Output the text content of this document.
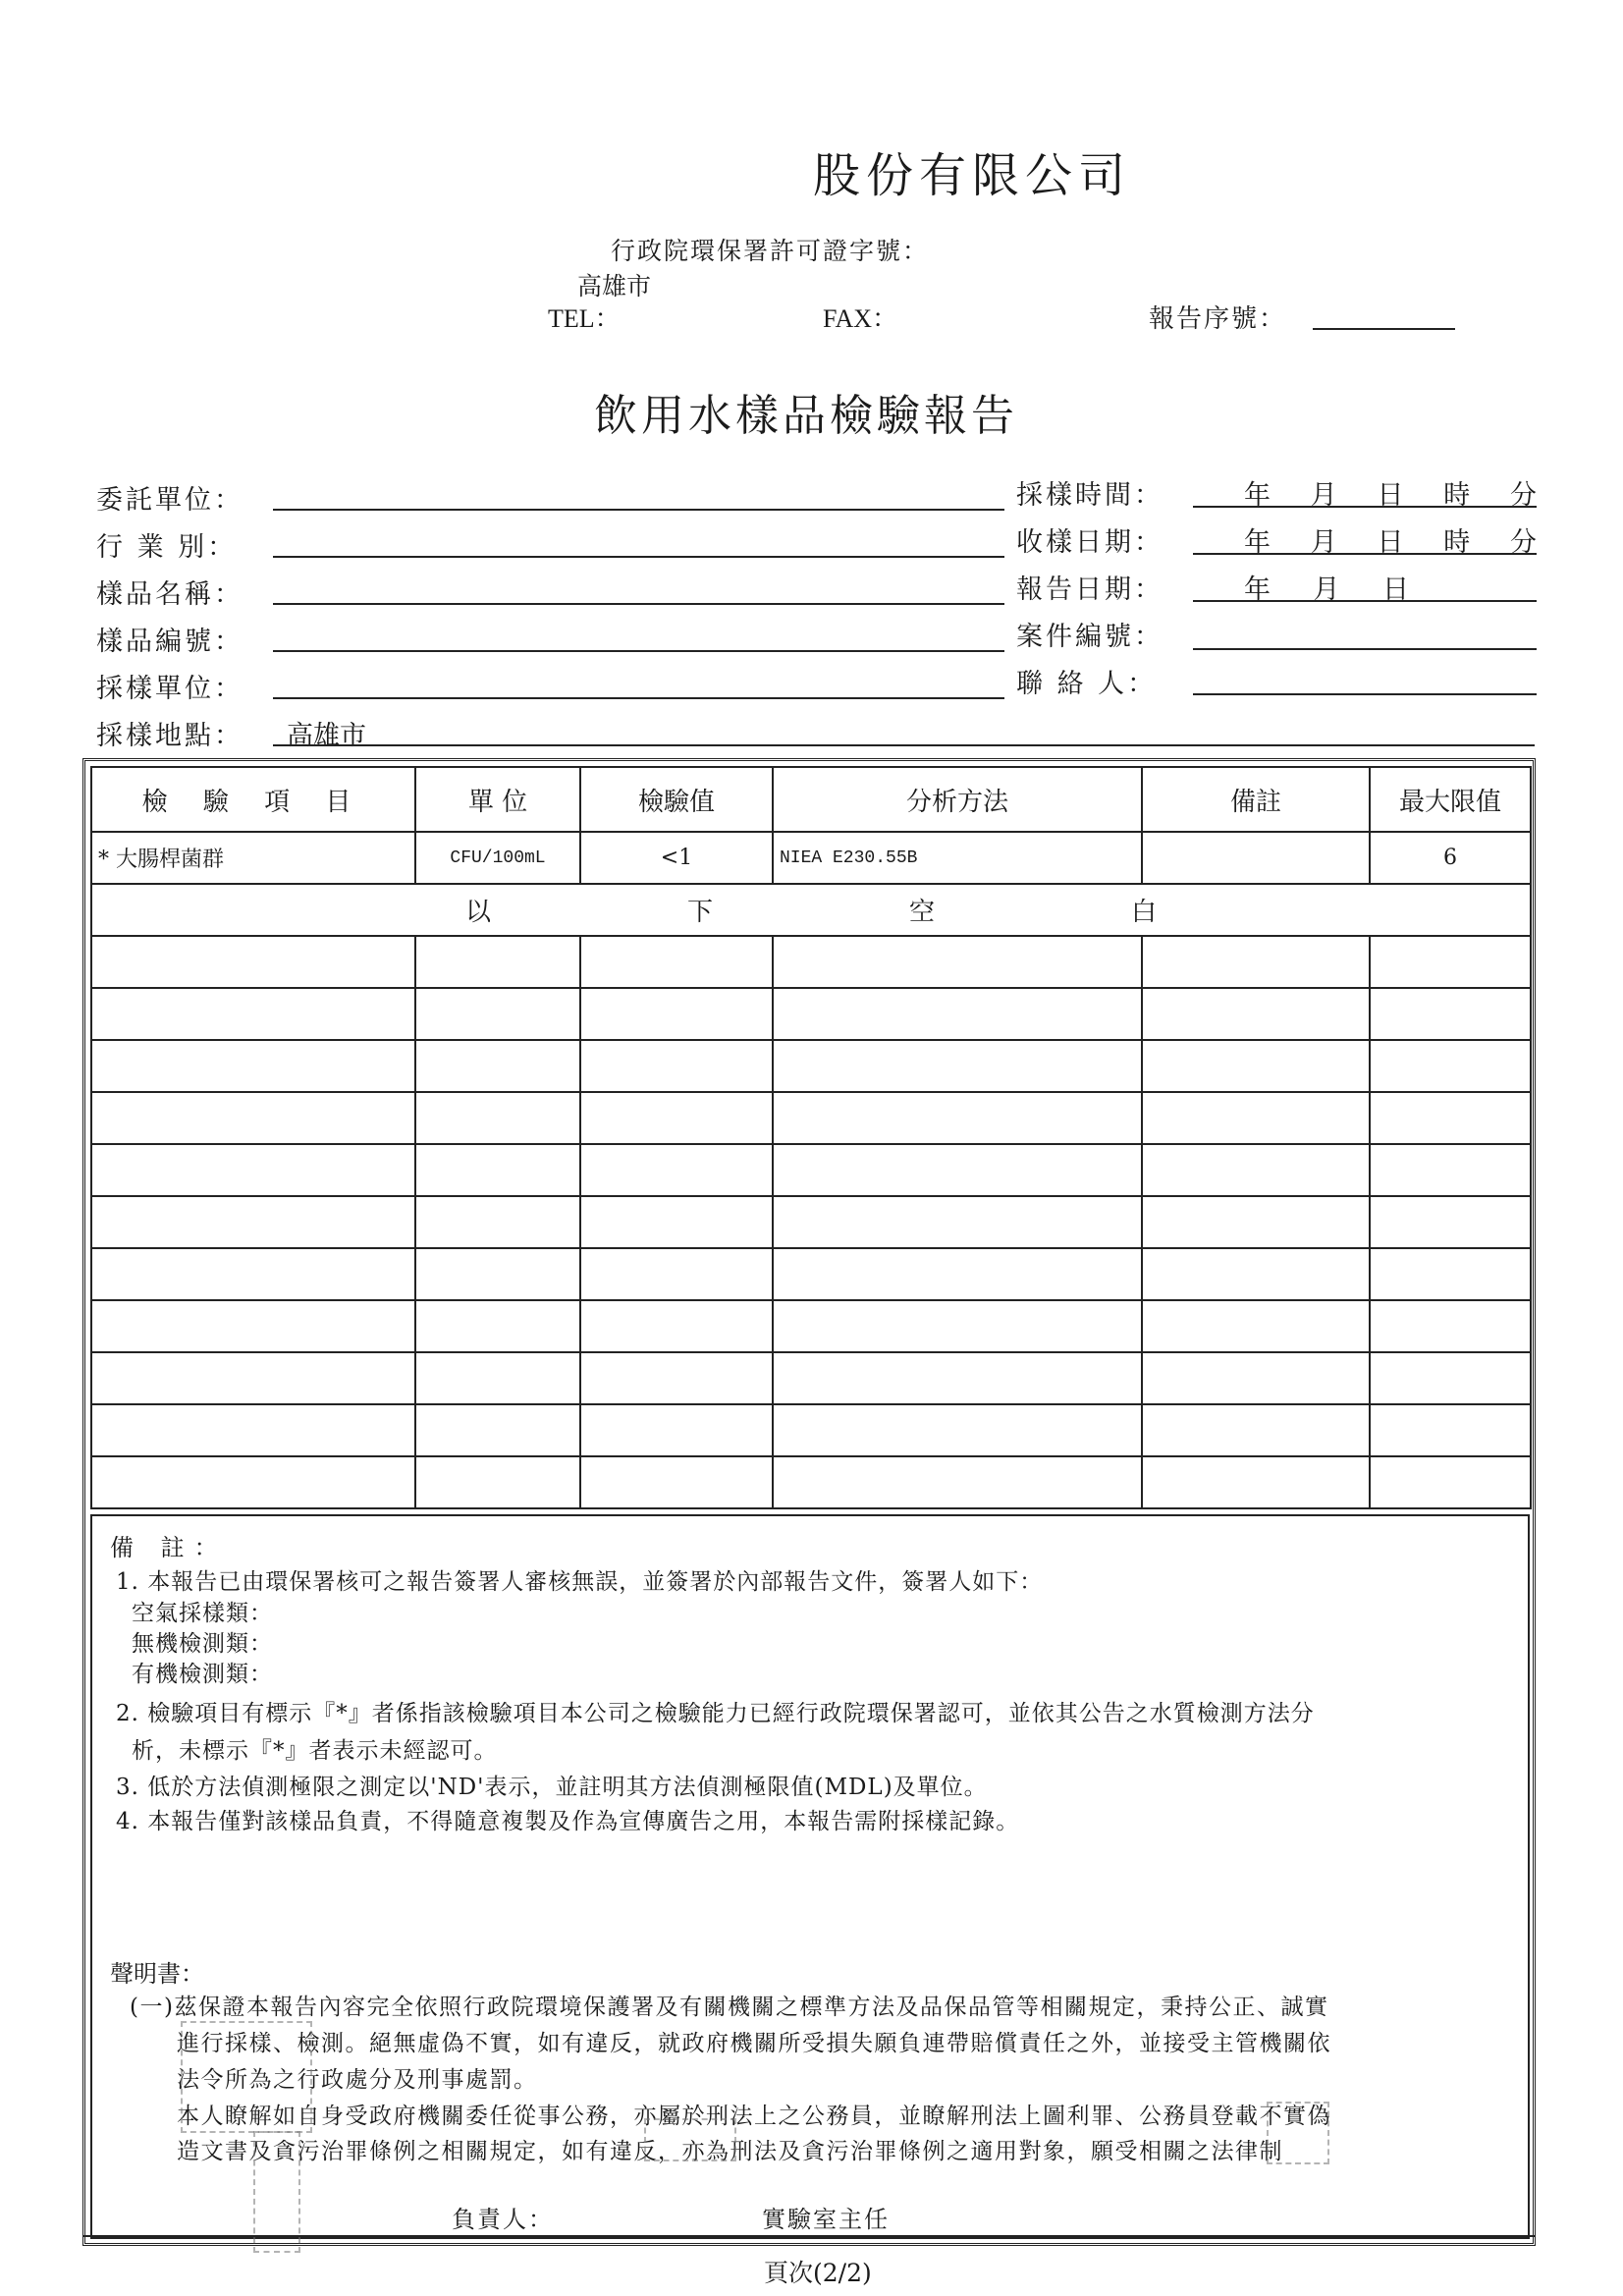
股份有限公司
行政院環保署許可證字號：
高雄市
TEL：	FAX：	報告序號：
飲用水樣品檢驗報告
委託單位：
行 業 別：
樣品名稱：
樣品編號：
採樣單位：
採樣地點： 高雄市
採樣時間：	年 月 日 時 分
收樣日期：	年 月 日 時 分
報告日期：	年 月 日
案件編號：
聯 絡 人：
檢 驗 項 目	單 位	檢驗值	分析方法	備註	最大限值
* 大腸桿菌群	CFU/100mL	<1	NIEA E230.55B		6

以 下 空 白					

備 註：
1. 本報告已由環保署核可之報告簽署人審核無誤，並簽署於內部報告文件，簽署人如下：
空氣採樣類：
無機檢測類：
有機檢測類：
2. 檢驗項目有標示『*』者係指該檢驗項目本公司之檢驗能力已經行政院環保署認可，並依其公告之水質檢測方法分
析，未標示『*』者表示未經認可。
3. 低於方法偵測極限之測定以'ND'表示，並註明其方法偵測極限值(MDL)及單位。
4. 本報告僅對該樣品負責，不得隨意複製及作為宣傳廣告之用，本報告需附採樣記錄。
聲明書：
(一)茲保證本報告內容完全依照行政院環境保護署及有關機關之標準方法及品保品管等相關規定，秉持公正、誠實
進行採樣、檢測。絕無虛偽不實，如有違反，就政府機關所受損失願負連帶賠償責任之外，並接受主管機關依
法令所為之行政處分及刑事處罰。
本人瞭解如自身受政府機關委任從事公務，亦屬於刑法上之公務員，並瞭解刑法上圖利罪、公務員登載不實偽
造文書及貪污治罪條例之相關規定，如有違反，亦為刑法及貪污治罪條例之適用對象，願受相關之法律制
負責人：	實驗室主任
頁次(2/2)
